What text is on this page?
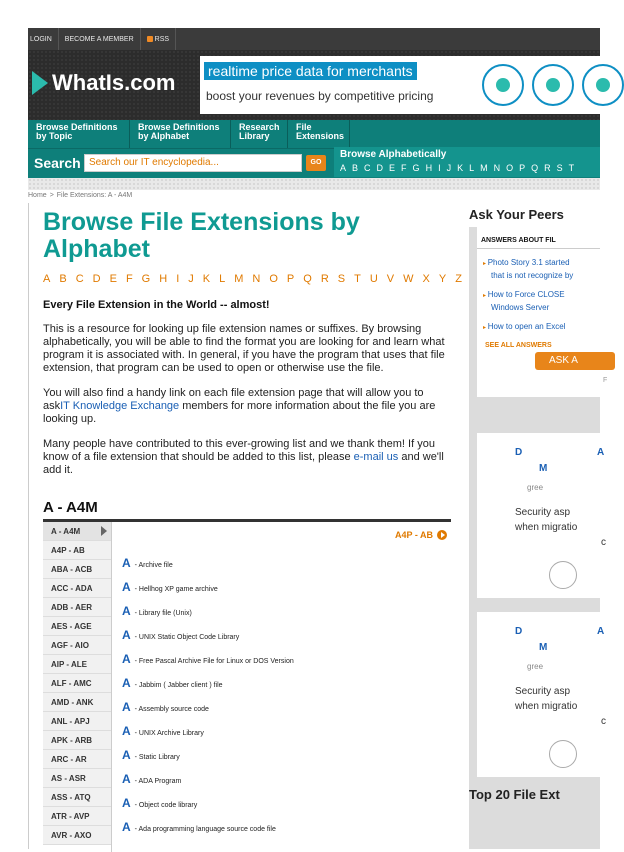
LOGIN	BECOME A MEMBER	RSS
WhatIs.com realtime price data for merchants
boost your revenues by competitive pricing
Browse Definitions
by Topic
Browse Definitions
by Alphabet
Research
Library
File
Extensions
Search Search our IT encyclopedia...	GO
Browse Alphabetically
A B C D E F G H I J K L M N O P Q R S T
Home > File Extensions: A - A4M
Browse File Extensions by Alphabet
A B C D E F G H I J K L M N O P Q R S T U V W X Y Z
Every File Extension in the World -- almost!
This is a resource for looking up file extension names or suffixes. By browsing alphabetically, you will be able to find the format you are looking for and learn what program it is associated with. In general, if you have the program that uses that file extension, that program can be used to open or otherwise use the file.
You will also find a handy link on each file extension page that will allow you to askIT Knowledge Exchange members for more information about the file you are looking up.
Many people have contributed to this ever-growing list and we thank them! If you know of a file extension that should be added to this list, please e-mail us and we'll add it.
A - A4M
A - A4M
A4P - AB
ABA - ACB
ACC - ADA
ADB - AER
AES - AGE
AGF - AIO
AIP - ALE
ALF - AMC
AMD - ANK
ANL - APJ
APK - ARB
ARC - AR
AS - ASR
ASS - ATQ
ATR - AVP
AVR - AXO
A4P - AB
A - Archive file
A - Hellhog XP game archive
A - Library file (Unix)
A - UNIX Static Object Code Library
A - Free Pascal Archive File for Linux or DOS Version
A - Jabbim ( Jabber client ) file
A - Assembly source code
A - UNIX Archive Library
A - Static Library
A - ADA Program
A - Object code library
A - Ada programming language source code file
Ask Your Peers
ANSWERS ABOUT FIL
▸ Photo Story 3.1 started
that is not recognize by
▸ How to Force CLOSE
Windows Server
▸ How to open an Excel
SEE ALL ANSWERS
ASK A
F
D	A
M
gree
Security asp
when migratio
c
D	A
M
gree
Security asp
when migratio
c
Top 20 File Ext
